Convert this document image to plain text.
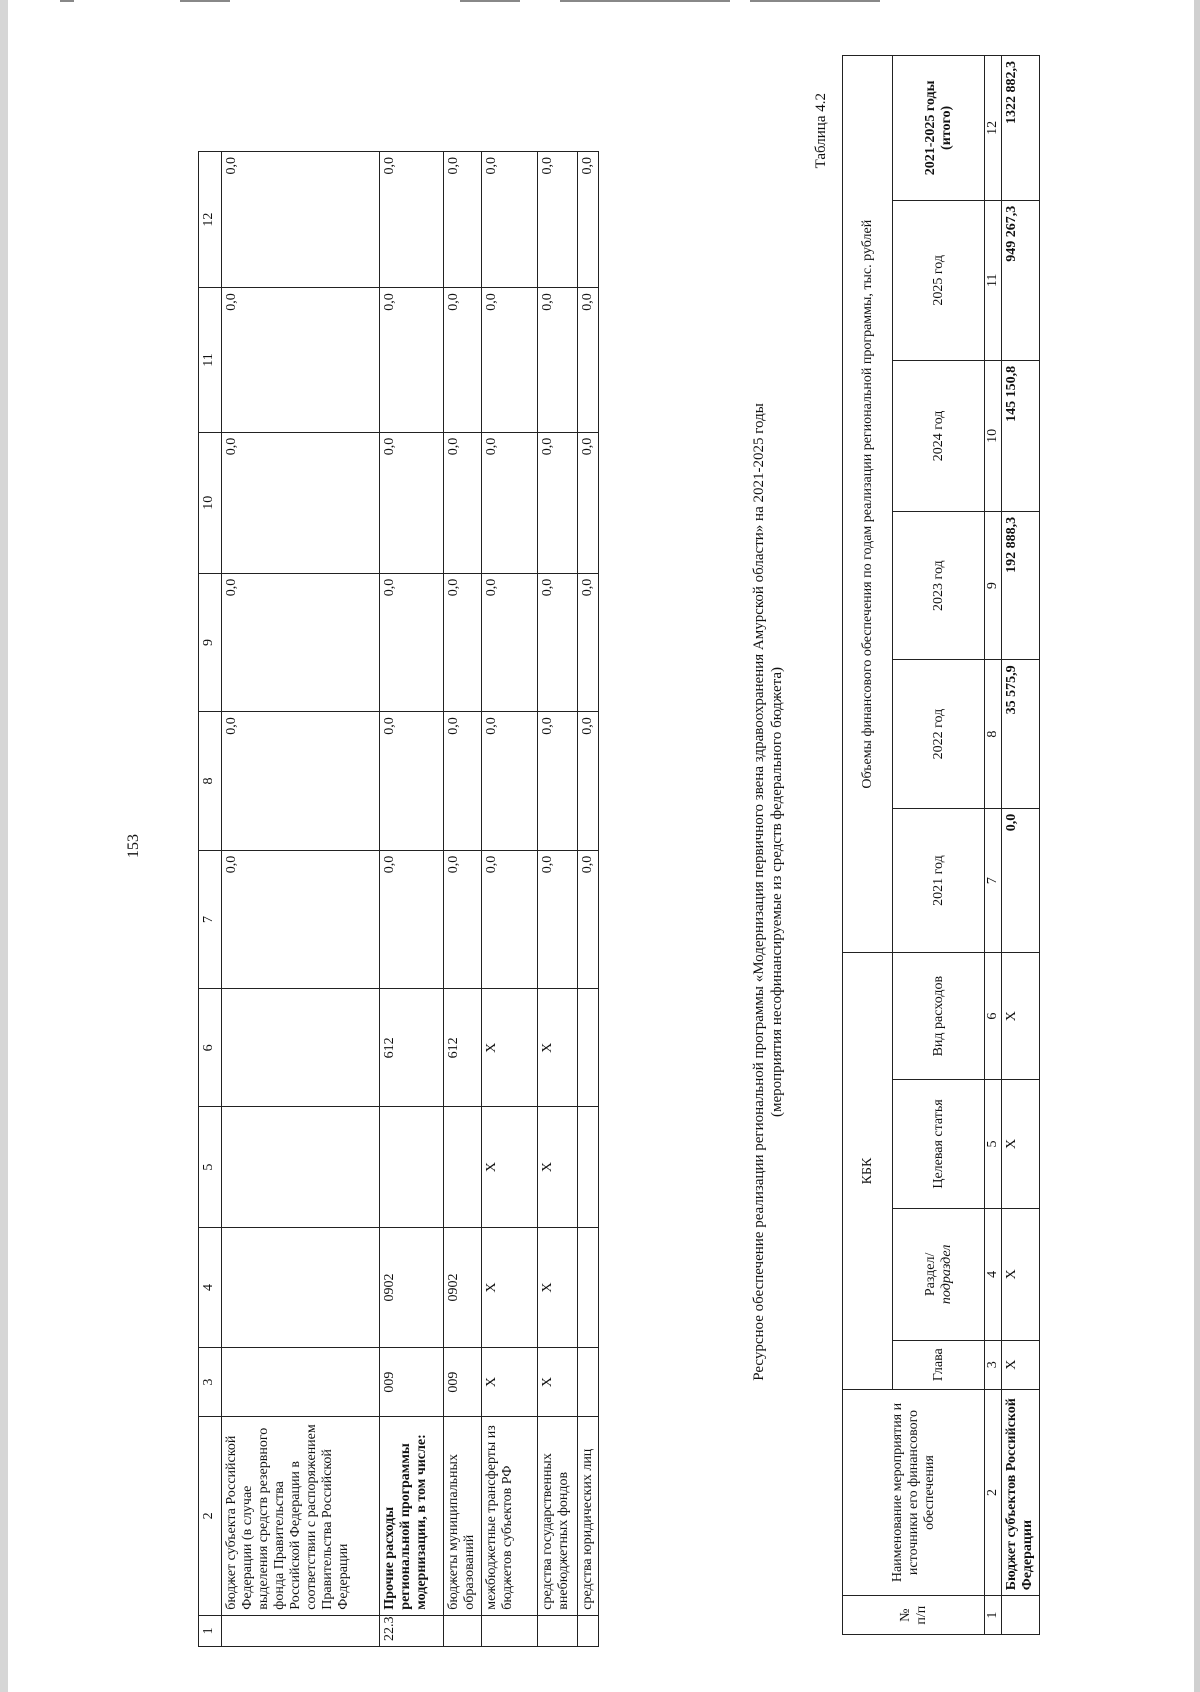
153
1	2	3	4	5	6	7	8	9	10	11	12
	бюджет субъекта Российской Федерации (в случае выделения средств резервного фонда Правительства Российской Федерации в соответствии с распоряжением Правительства Российской Федерации					0,0	0,0	0,0	0,0	0,0	0,0
22.3	Прочие расходы региональной программы модернизации, в том числе:	009	0902		612	0,0	0,0	0,0	0,0	0,0	0,0
	бюджеты муниципальных образований	009	0902		612	0,0	0,0	0,0	0,0	0,0	0,0
	межбюджетные трансферты из бюджетов субъектов РФ	X	X	X	X	0,0	0,0	0,0	0,0	0,0	0,0
	средства государственных внебюджетных фондов	X	X	X	X	0,0	0,0	0,0	0,0	0,0	0,0
	средства юридических лиц					0,0	0,0	0,0	0,0	0,0	0,0
Ресурсное обеспечение реализации региональной программы «Модернизация первичного звена здравоохранения Амурской области» на 2021-2025 годы (мероприятия несофинансируемые из средств федерального бюджета)
Таблица 4.2
№ п/п	Наименование мероприятия и источники его финансового обеспечения	КБК				Объемы финансового обеспечения по годам реализации региональной программы, тыс. рублей					
		Глава	Раздел/
подраздел	Целевая статья	Вид расходов	2021 год	2022 год	2023 год	2024 год	2025 год	2021-2025 годы (итого)
1	2	3	4	5	6	7	8	9	10	11	12
	Бюджет субъектов Российской Федерации	X	X	X	X	0,0	35 575,9	192 888,3	145 150,8	949 267,3	1322 882,3
